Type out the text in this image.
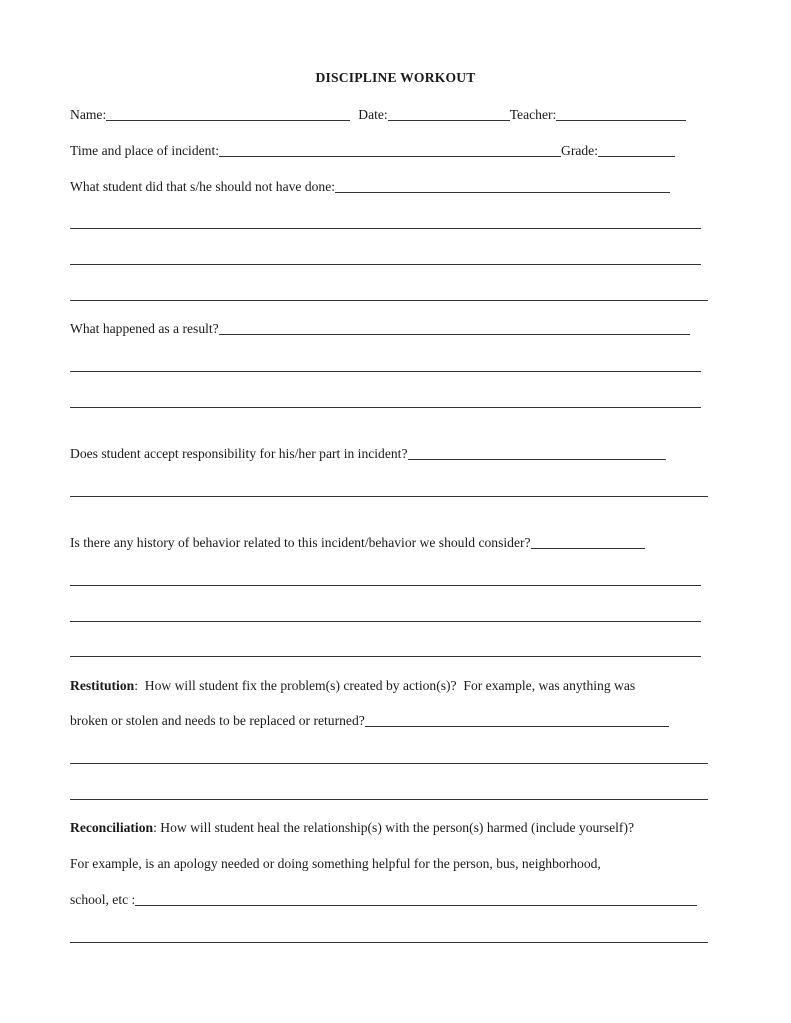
DISCIPLINE WORKOUT
Name:	Date:	Teacher:
Time and place of incident:	Grade:
What student did that s/he should not have done:
What happened as a result?
Does student accept responsibility for his/her part in incident?
Is there any history of behavior related to this incident/behavior we should consider?
Restitution :  How will student fix the problem(s) created by action(s)?  For example, was anything was
broken or stolen and needs to be replaced or returned?
Reconciliation : How will student heal the relationship(s) with the person(s) harmed (include yourself)?
For example, is an apology needed or doing something helpful for the person, bus, neighborhood,
school, etc :
